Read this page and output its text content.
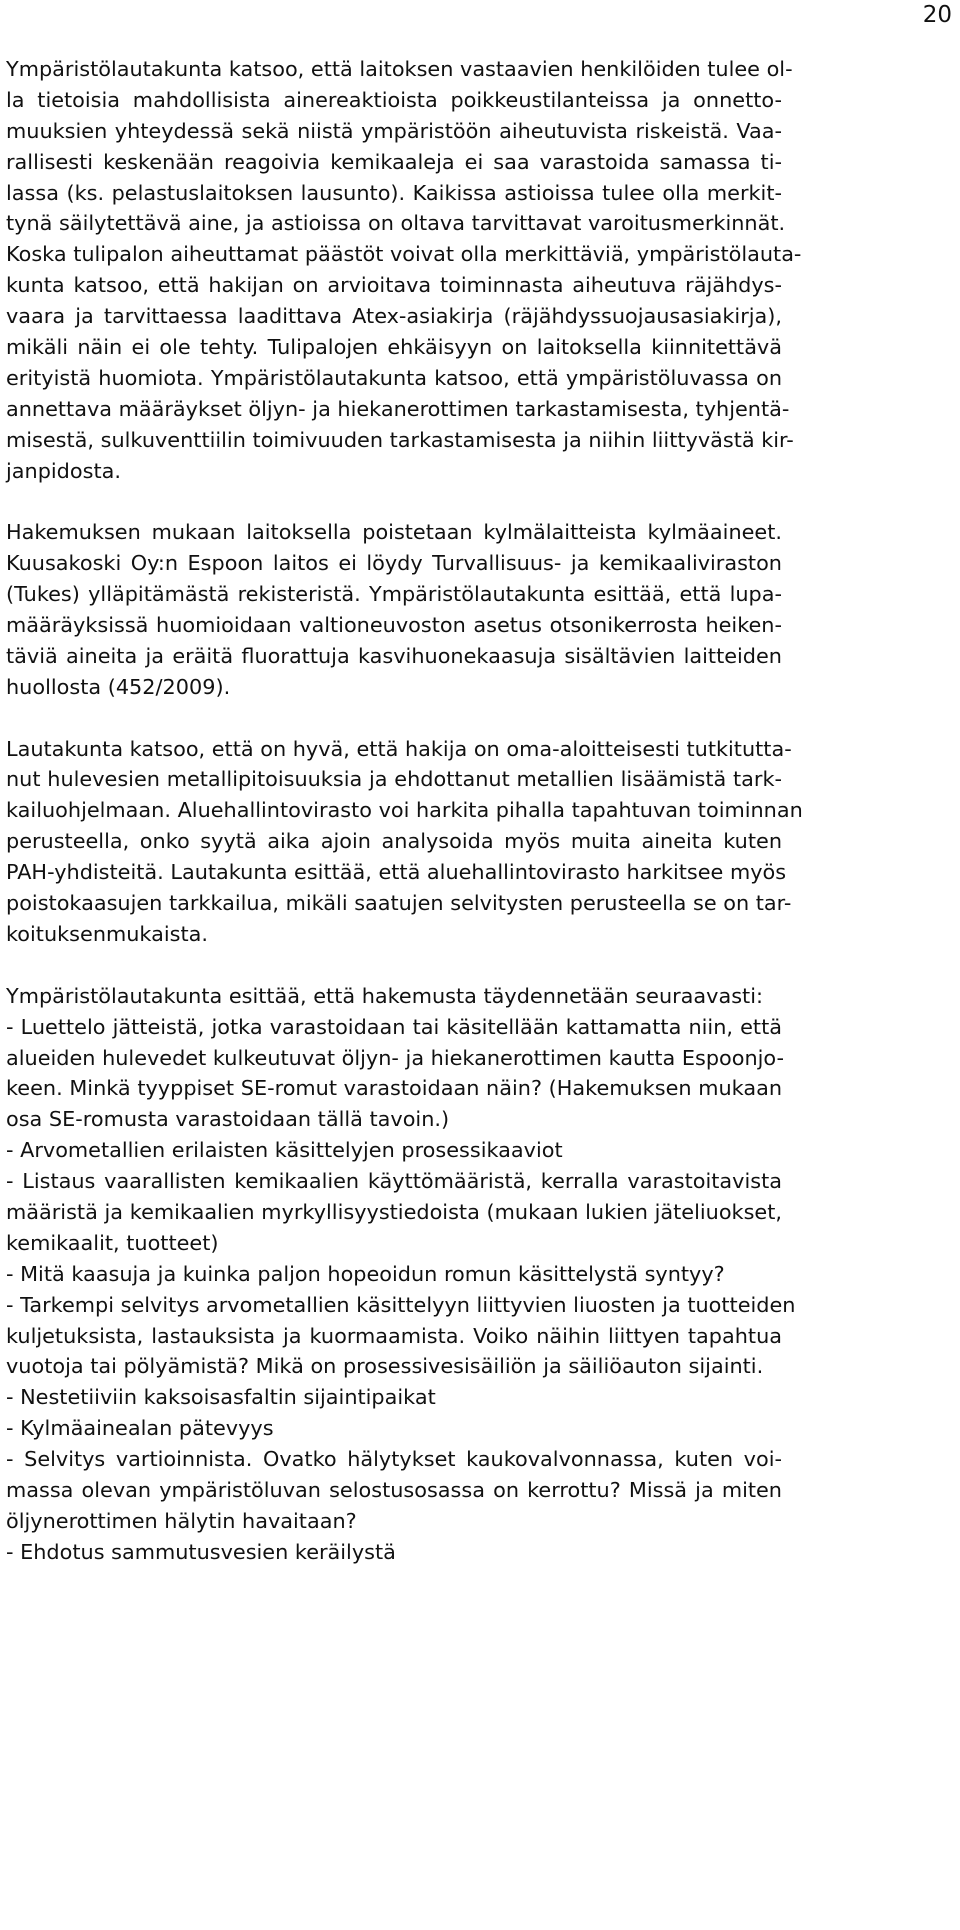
20
Ympäristölautakunta katsoo, että laitoksen vastaavien henkilöiden tulee ol-
la tietoisia mahdollisista ainereaktioista poikkeustilanteissa ja onnetto-
muuksien yhteydessä sekä niistä ympäristöön aiheutuvista riskeistä. Vaa-
rallisesti keskenään reagoivia kemikaaleja ei saa varastoida samassa ti-
lassa (ks. pelastuslaitoksen lausunto). Kaikissa astioissa tulee olla merkit-
tynä säilytettävä aine, ja astioissa on oltava tarvittavat varoitusmerkinnät.
Koska tulipalon aiheuttamat päästöt voivat olla merkittäviä, ympäristölauta-
kunta katsoo, että hakijan on arvioitava toiminnasta aiheutuva räjähdys-
vaara ja tarvittaessa laadittava Atex-asiakirja (räjähdyssuojausasiakirja),
mikäli näin ei ole tehty. Tulipalojen ehkäisyyn on laitoksella kiinnitettävä
erityistä huomiota. Ympäristölautakunta katsoo, että ympäristöluvassa on
annettava määräykset öljyn- ja hiekanerottimen tarkastamisesta, tyhjentä-
misestä, sulkuventtiilin toimivuuden tarkastamisesta ja niihin liittyvästä kir-
janpidosta.
Hakemuksen mukaan laitoksella poistetaan kylmälaitteista kylmäaineet.
Kuusakoski Oy:n Espoon laitos ei löydy Turvallisuus- ja kemikaaliviraston
(Tukes) ylläpitämästä rekisteristä. Ympäristölautakunta esittää, että lupa-
määräyksissä huomioidaan valtioneuvoston asetus otsonikerrosta heiken-
täviä aineita ja eräitä fluorattuja kasvihuonekaasuja sisältävien laitteiden
huollosta (452/2009).
Lautakunta katsoo, että on hyvä, että hakija on oma-aloitteisesti tutkitutta-
nut hulevesien metallipitoisuuksia ja ehdottanut metallien lisäämistä tark-
kailuohjelmaan. Aluehallintovirasto voi harkita pihalla tapahtuvan toiminnan
perusteella, onko syytä aika ajoin analysoida myös muita aineita kuten
PAH-yhdisteitä. Lautakunta esittää, että aluehallintovirasto harkitsee myös
poistokaasujen tarkkailua, mikäli saatujen selvitysten perusteella se on tar-
koituksenmukaista.
Ympäristölautakunta esittää, että hakemusta täydennetään seuraavasti:
- Luettelo jätteistä, jotka varastoidaan tai käsitellään kattamatta niin, että
alueiden hulevedet kulkeutuvat öljyn- ja hiekanerottimen kautta Espoonjo-
keen. Minkä tyyppiset SE-romut varastoidaan näin? (Hakemuksen mukaan
osa SE-romusta varastoidaan tällä tavoin.)
- Arvometallien erilaisten käsittelyjen prosessikaaviot
- Listaus vaarallisten kemikaalien käyttömääristä, kerralla varastoitavista
määristä ja kemikaalien myrkyllisyystiedoista (mukaan lukien jäteliuokset,
kemikaalit, tuotteet)
- Mitä kaasuja ja kuinka paljon hopeoidun romun käsittelystä syntyy?
- Tarkempi selvitys arvometallien käsittelyyn liittyvien liuosten ja tuotteiden
kuljetuksista, lastauksista ja kuormaamista. Voiko näihin liittyen tapahtua
vuotoja tai pölyämistä? Mikä on prosessivesisäiliön ja säiliöauton sijainti.
- Nestetiiviin kaksoisasfaltin sijaintipaikat
- Kylmäainealan pätevyys
- Selvitys vartioinnista. Ovatko hälytykset kaukovalvonnassa, kuten voi-
massa olevan ympäristöluvan selostusosassa on kerrottu? Missä ja miten
öljynerottimen hälytin havaitaan?
- Ehdotus sammutusvesien keräilystä
